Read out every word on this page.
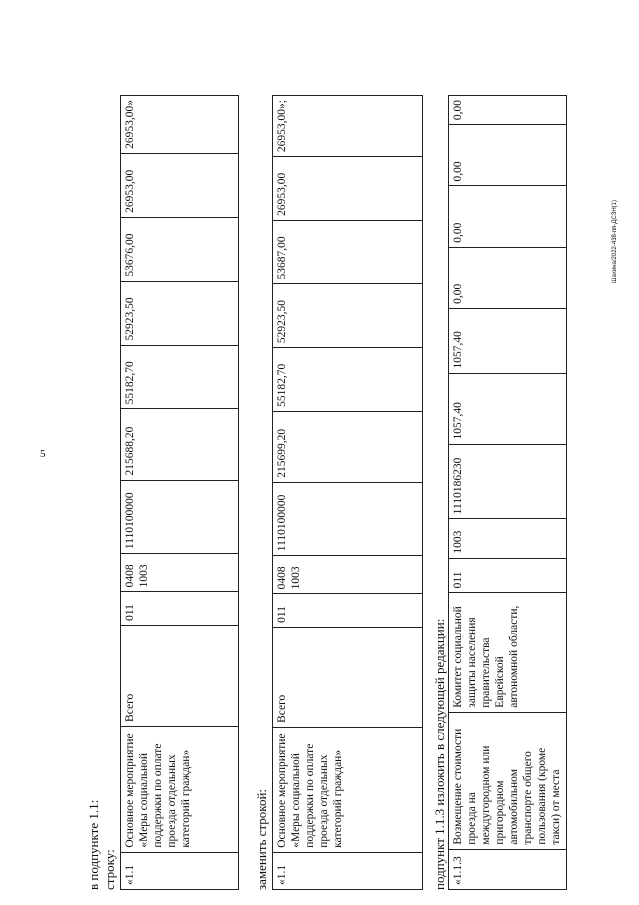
5
Шахина/2022-438-пп-ДСЗН(1)
в подпункте 1.1: строку: «1.1	Основное мероприятие «Меры социальной поддержки по оплате проезда отдельных категорий граждан»	Всего	011	0408 1003	1110100000	215688,20	55182,70	52923,50	53676,00	26953,00	26953,00»
заменить строкой: «1.1	Основное мероприятие «Меры социальной поддержки по оплате проезда отдельных категорий граждан»	Всего	011	0408 1003	1110100000	215699,20	55182,70	52923,50	53687,00	26953,00	26953,00»;
подпункт 1.1.3 изложить в следующей редакции: «1.1.3	Возмещение стоимости проезда на междугородном или пригородном автомобильном транспорте общего пользования (кроме такси) от места	Комитет социальной защиты населения правительства Еврейской автономной области,	011	1003	1110186230	1057,40	1057,40	0,00	0,00	0,00	0,00
